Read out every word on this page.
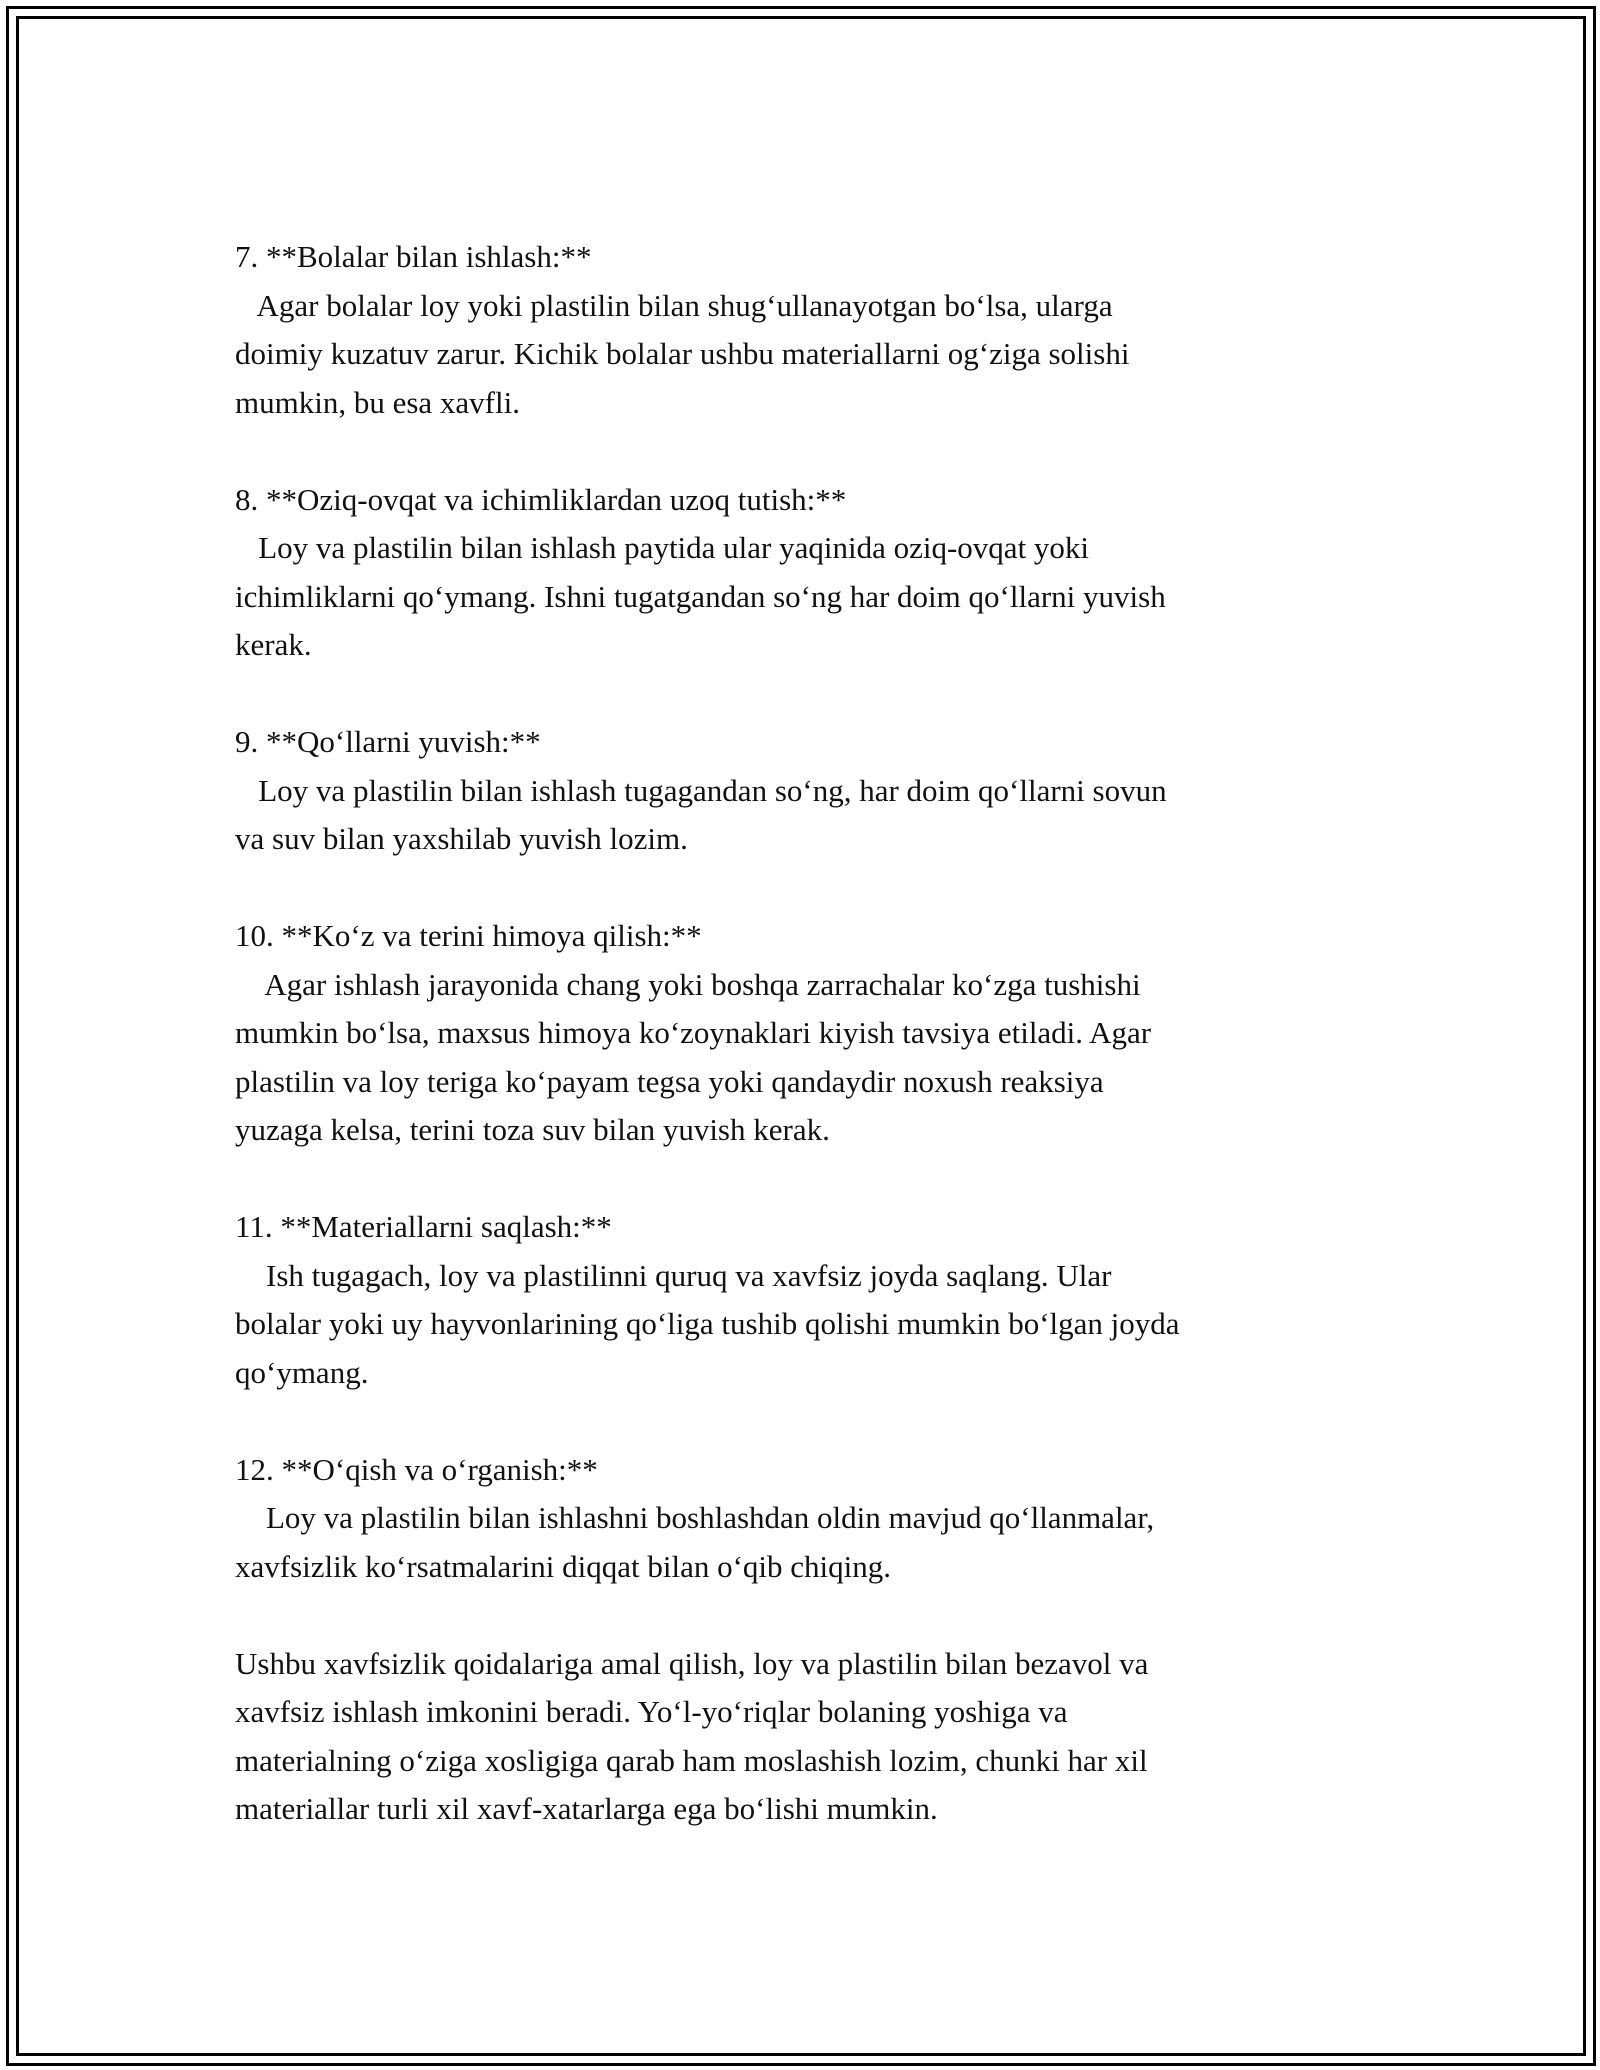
7. **Bolalar bilan ishlash:**
Agar bolalar loy yoki plastilin bilan shug‘ullanayotgan bo‘lsa, ularga
doimiy kuzatuv zarur. Kichik bolalar ushbu materiallarni og‘ziga solishi
mumkin, bu esa xavfli.
8. **Oziq-ovqat va ichimliklardan uzoq tutish:**
Loy va plastilin bilan ishlash paytida ular yaqinida oziq-ovqat yoki
ichimliklarni qo‘ymang. Ishni tugatgandan so‘ng har doim qo‘llarni yuvish
kerak.
9. **Qo‘llarni yuvish:**
Loy va plastilin bilan ishlash tugagandan so‘ng, har doim qo‘llarni sovun
va suv bilan yaxshilab yuvish lozim.
10. **Ko‘z va terini himoya qilish:**
Agar ishlash jarayonida chang yoki boshqa zarrachalar ko‘zga tushishi
mumkin bo‘lsa, maxsus himoya ko‘zoynaklari kiyish tavsiya etiladi. Agar
plastilin va loy teriga ko‘payam tegsa yoki qandaydir noxush reaksiya
yuzaga kelsa, terini toza suv bilan yuvish kerak.
11. **Materiallarni saqlash:**
Ish tugagach, loy va plastilinni quruq va xavfsiz joyda saqlang. Ular
bolalar yoki uy hayvonlarining qo‘liga tushib qolishi mumkin bo‘lgan joyda
qo‘ymang.
12. **O‘qish va o‘rganish:**
Loy va plastilin bilan ishlashni boshlashdan oldin mavjud qo‘llanmalar,
xavfsizlik ko‘rsatmalarini diqqat bilan o‘qib chiqing.
Ushbu xavfsizlik qoidalariga amal qilish, loy va plastilin bilan bezavol va
xavfsiz ishlash imkonini beradi. Yo‘l-yo‘riqlar bolaning yoshiga va
materialning o‘ziga xosligiga qarab ham moslashish lozim, chunki har xil
materiallar turli xil xavf-xatarlarga ega bo‘lishi mumkin.
